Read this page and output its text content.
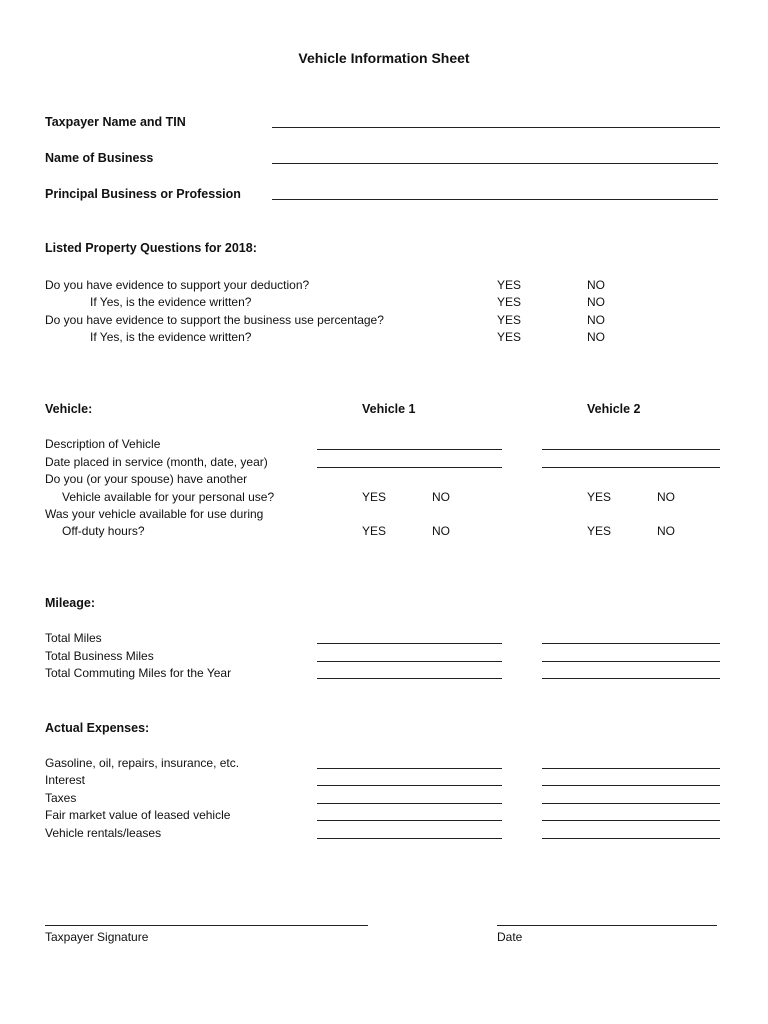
Vehicle Information Sheet
Taxpayer Name and TIN
Name of Business
Principal Business or Profession
Listed Property Questions for 2018:
Do you have evidence to support your deduction?	YES	NO
If Yes, is the evidence written?	YES	NO
Do you have evidence to support the business use percentage?	YES	NO
If Yes, is the evidence written?	YES	NO
Vehicle:	Vehicle 1	Vehicle 2
Description of Vehicle
Date placed in service (month, date, year)
Do you (or your spouse) have another
Vehicle available for your personal use?	YES	NO	YES	NO
Was your vehicle available for use during
Off-duty hours?	YES	NO	YES	NO
Mileage:
Total Miles
Total Business Miles
Total Commuting Miles for the Year
Actual Expenses:
Gasoline, oil, repairs, insurance, etc.
Interest
Taxes
Fair market value of leased vehicle
Vehicle rentals/leases
Taxpayer Signature	Date
